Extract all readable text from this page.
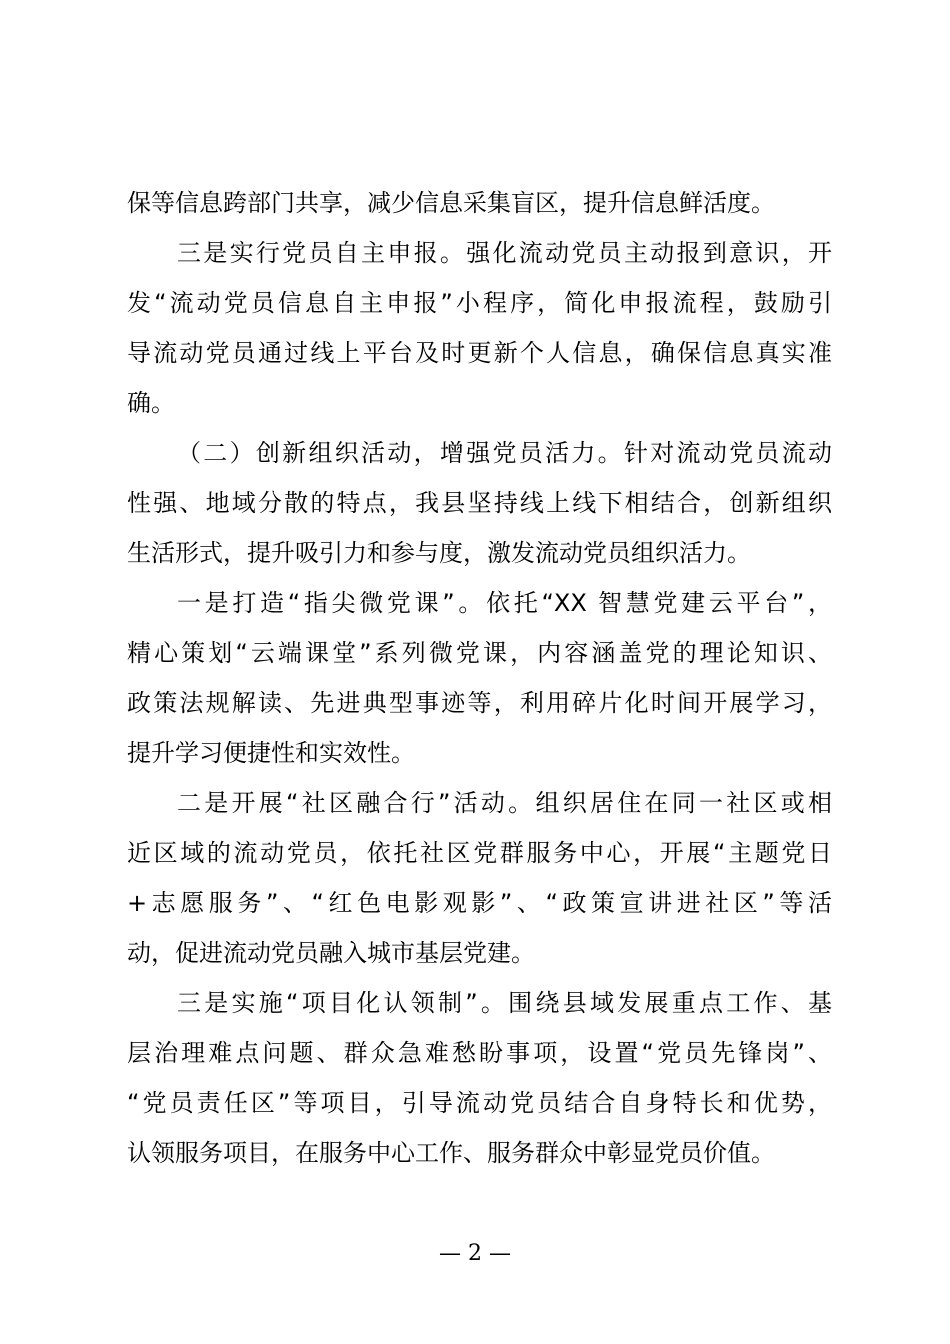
保等信息跨部门共享，减少信息采集盲区，提升信息鲜活度。
三是实行党员自主申报。强化流动党员主动报到意识，开
发“流动党员信息自主申报”小程序，简化申报流程，鼓励引
导流动党员通过线上平台及时更新个人信息，确保信息真实准
确。
（二）创新组织活动，增强党员活力。针对流动党员流动
性强、地域分散的特点，我县坚持线上线下相结合，创新组织
生活形式，提升吸引力和参与度，激发流动党员组织活力。
一是打造“指尖微党课”。依托“XX 智慧党建云平台”，
精心策划“云端课堂”系列微党课，内容涵盖党的理论知识、
政策法规解读、先进典型事迹等，利用碎片化时间开展学习，
提升学习便捷性和实效性。
二是开展“社区融合行”活动。组织居住在同一社区或相
近区域的流动党员，依托社区党群服务中心，开展“主题党日
+志愿服务”、“红色电影观影”、“政策宣讲进社区”等活
动，促进流动党员融入城市基层党建。
三是实施“项目化认领制”。围绕县域发展重点工作、基
层治理难点问题、群众急难愁盼事项，设置“党员先锋岗”、
“党员责任区”等项目，引导流动党员结合自身特长和优势，
认领服务项目，在服务中心工作、服务群众中彰显党员价值。
— 2 —
